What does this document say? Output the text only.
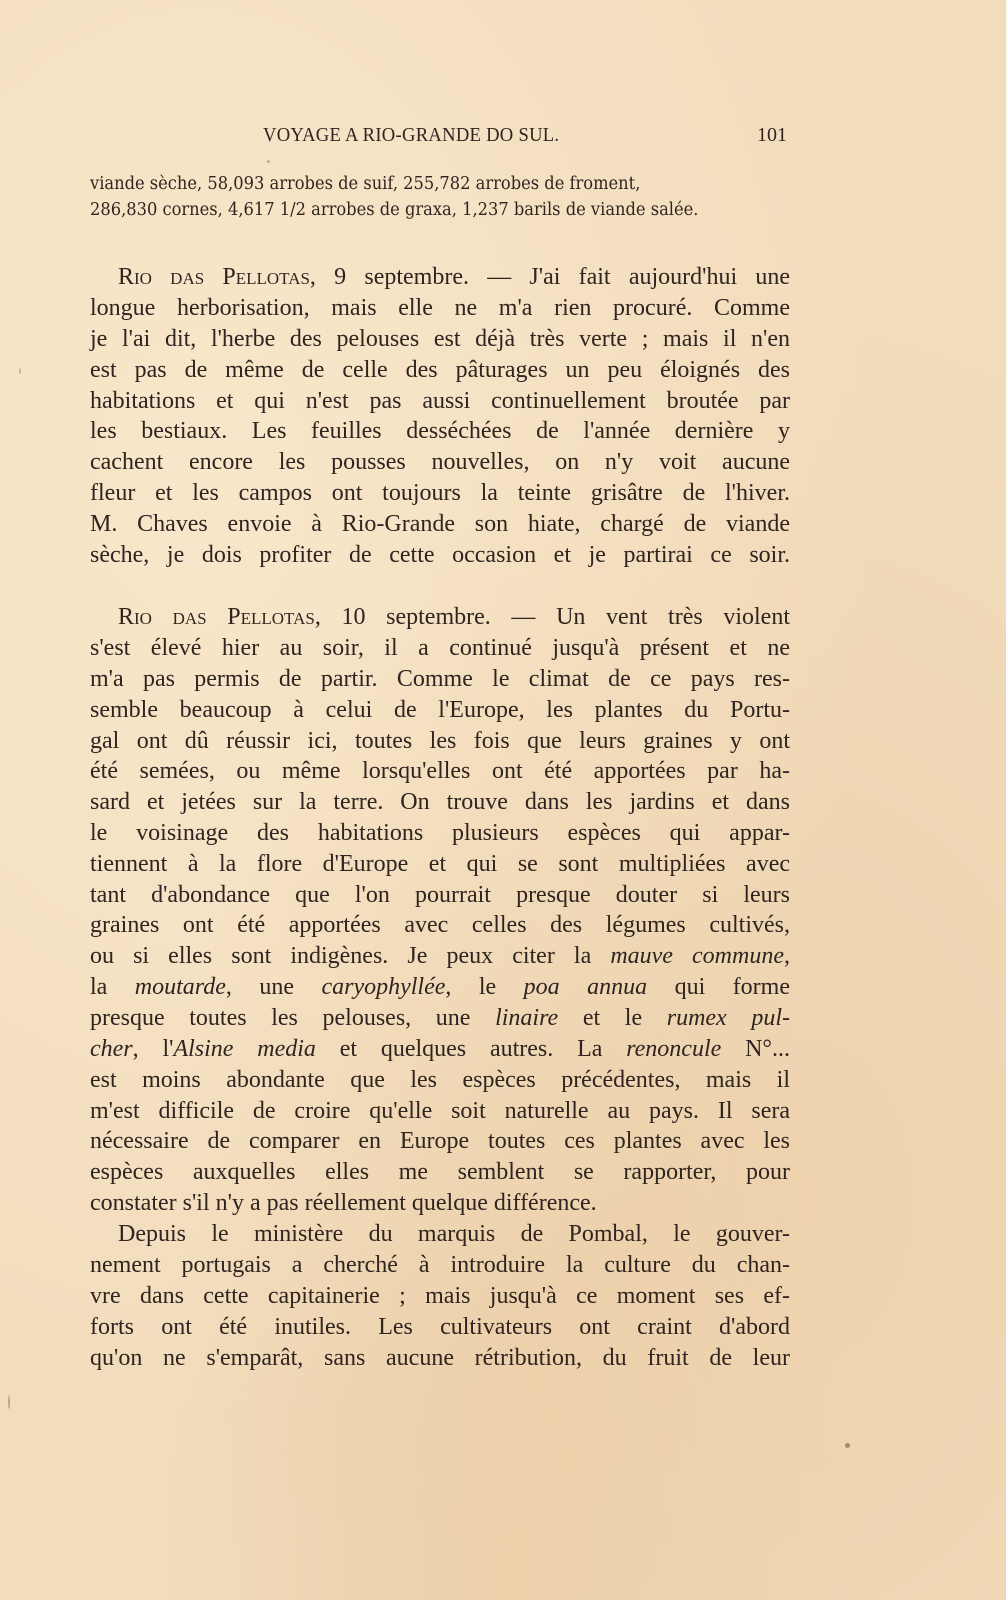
VOYAGE A RIO-GRANDE DO SUL.	101
viande sèche, 58,093 arrobes de suif, 255,782 arrobes de froment,
286,830 cornes, 4,617 1/2 arrobes de graxa, 1,237 barils de viande salée.
Rio das Pellotas, 9 septembre. — J'ai fait aujourd'hui une
longue herborisation, mais elle ne m'a rien procuré. Comme
je l'ai dit, l'herbe des pelouses est déjà très verte ; mais il n'en
est pas de même de celle des pâturages un peu éloignés des
habitations et qui n'est pas aussi continuellement broutée par
les bestiaux. Les feuilles desséchées de l'année dernière y
cachent encore les pousses nouvelles, on n'y voit aucune
fleur et les campos ont toujours la teinte grisâtre de l'hiver.
M. Chaves envoie à Rio-Grande son hiate, chargé de viande
sèche, je dois profiter de cette occasion et je partirai ce soir.
Rio das Pellotas, 10 septembre. — Un vent très violent
s'est élevé hier au soir, il a continué jusqu'à présent et ne
m'a pas permis de partir. Comme le climat de ce pays res-
semble beaucoup à celui de l'Europe, les plantes du Portu-
gal ont dû réussir ici, toutes les fois que leurs graines y ont
été semées, ou même lorsqu'elles ont été apportées par ha-
sard et jetées sur la terre. On trouve dans les jardins et dans
le voisinage des habitations plusieurs espèces qui appar-
tiennent à la flore d'Europe et qui se sont multipliées avec
tant d'abondance que l'on pourrait presque douter si leurs
graines ont été apportées avec celles des légumes cultivés,
ou si elles sont indigènes. Je peux citer la mauve commune,
la moutarde, une caryophyllée, le poa annua qui forme
presque toutes les pelouses, une linaire et le rumex pul-
cher, l'Alsine media et quelques autres. La renoncule N°...
est moins abondante que les espèces précédentes, mais il
m'est difficile de croire qu'elle soit naturelle au pays. Il sera
nécessaire de comparer en Europe toutes ces plantes avec les
espèces auxquelles elles me semblent se rapporter, pour
constater s'il n'y a pas réellement quelque différence.
Depuis le ministère du marquis de Pombal, le gouver-
nement portugais a cherché à introduire la culture du chan-
vre dans cette capitainerie ; mais jusqu'à ce moment ses ef-
forts ont été inutiles. Les cultivateurs ont craint d'abord
qu'on ne s'emparât, sans aucune rétribution, du fruit de leur
